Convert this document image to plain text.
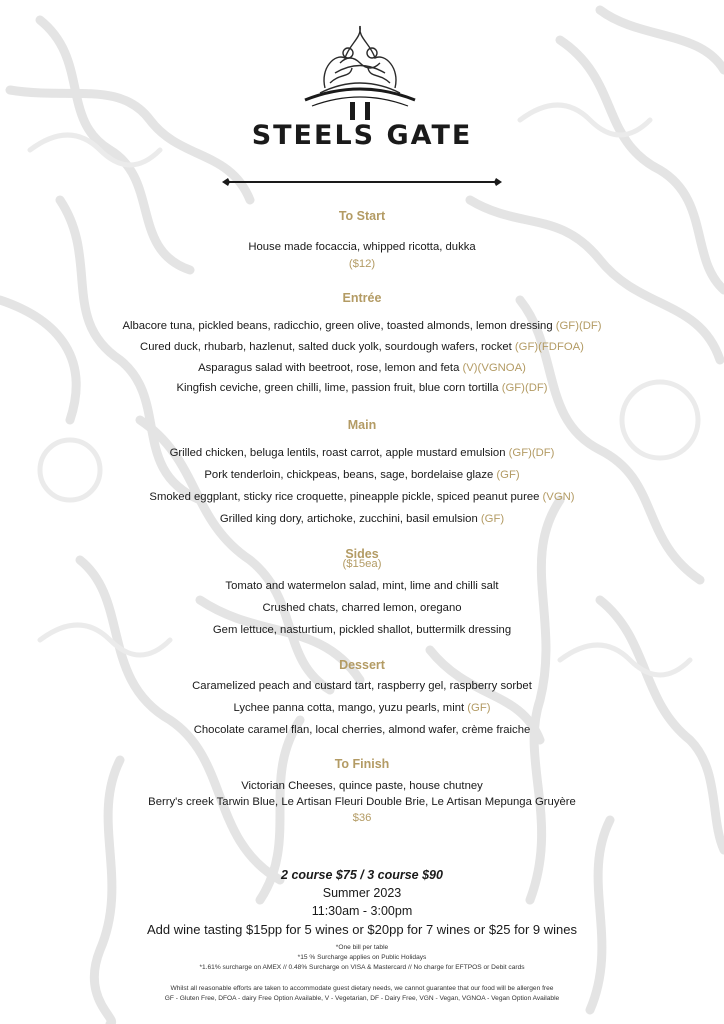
STEELS GATE
To Start
House made focaccia, whipped ricotta, dukka
($12)
Entrée
Albacore tuna, pickled beans, radicchio, green olive, toasted almonds, lemon dressing (GF)(DF)
Cured duck, rhubarb, hazlenut, salted duck yolk, sourdough wafers, rocket (GF)(FDFOA)
Asparagus salad with beetroot, rose, lemon and feta (V)(VGNOA)
Kingfish ceviche, green chilli, lime, passion fruit, blue corn tortilla (GF)(DF)
Main
Grilled chicken, beluga lentils, roast carrot, apple mustard emulsion (GF)(DF)
Pork tenderloin, chickpeas, beans, sage, bordelaise glaze (GF)
Smoked eggplant, sticky rice croquette, pineapple pickle, spiced peanut puree (VGN)
Grilled king dory, artichoke, zucchini, basil emulsion (GF)
Sides
($15ea)
Tomato and watermelon salad, mint, lime and chilli salt
Crushed chats, charred lemon, oregano
Gem lettuce, nasturtium, pickled shallot, buttermilk dressing
Dessert
Caramelized peach and custard tart, raspberry gel, raspberry sorbet
Lychee panna cotta, mango, yuzu pearls, mint (GF)
Chocolate caramel flan, local cherries, almond wafer, crème fraiche
To Finish
Victorian Cheeses, quince paste, house chutney
Berry's creek Tarwin Blue, Le Artisan Fleuri Double Brie, Le Artisan Mepunga Gruyère
$36
2 course $75 / 3 course $90
Summer 2023
11:30am - 3:00pm
Add wine tasting $15pp for 5 wines or $20pp for 7 wines or $25 for 9 wines
*One bill per table
*15 % Surcharge applies on Public Holidays
*1.61% surcharge on AMEX // 0.48% Surcharge on VISA & Mastercard // No charge for EFTPOS or Debit cards
Whilst all reasonable efforts are taken to accommodate guest dietary needs, we cannot guarantee that our food will be allergen free
GF - Gluten Free, DFOA - dairy Free Option Available, V - Vegetarian, DF - Dairy Free, VGN - Vegan, VGNOA - Vegan Option Available
